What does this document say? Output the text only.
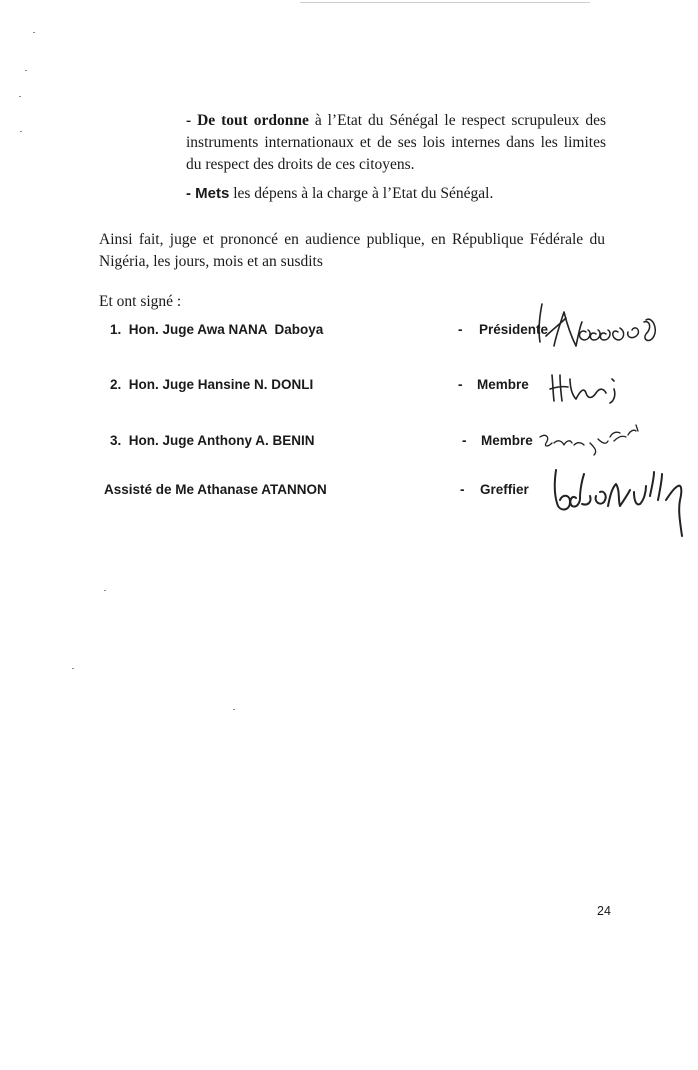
- De tout ordonne à l’Etat du Sénégal le respect scrupuleux des instruments internationaux et de ses lois internes dans les limites du respect des droits de ces citoyens.

- Mets les dépens à la charge à l’Etat du Sénégal.

Ainsi fait, juge et prononcé en audience publique, en République Fédérale du Nigéria, les jours, mois et an susdits

Et ont signé :

1.  Hon. Juge Awa NANA  Daboya	- Présidente
2.  Hon. Juge Hansine N. DONLI	- Membre
3.  Hon. Juge Anthony A. BENIN	- Membre
Assisté de Me Athanase ATANNON	- Greffier
24
